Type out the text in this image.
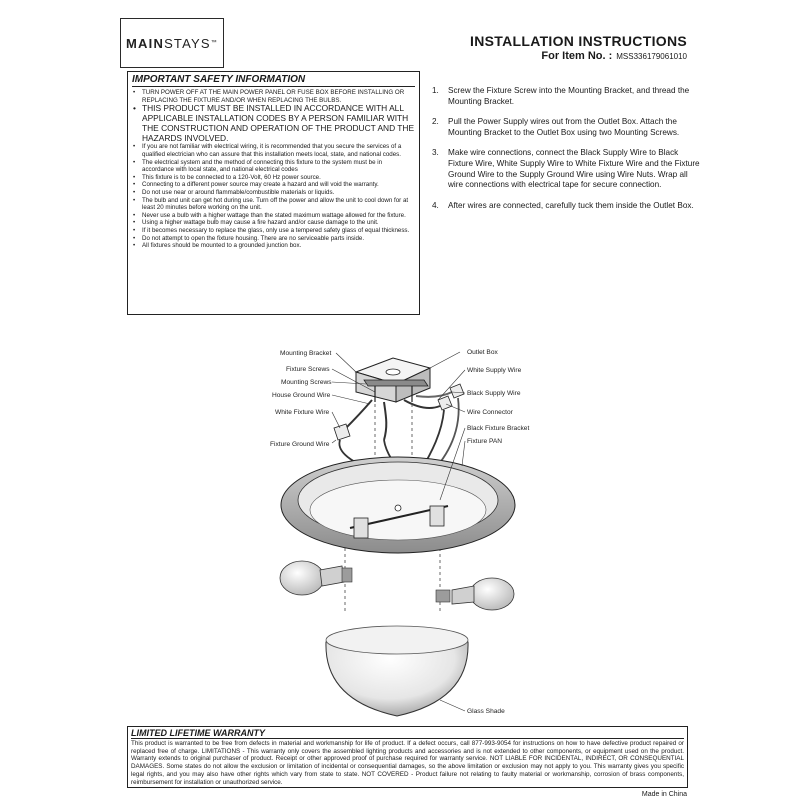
MAIN STAYS ™	INSTALLATION INSTRUCTIONS
For Item No. : MSS336179061010
IMPORTANT SAFETY INFORMATION
• TURN POWER OFF AT THE MAIN POWER PANEL OR FUSE BOX BEFORE INSTALLING OR REPLACING THE FIXTURE AND/OR WHEN REPLACING THE BULBS.
• THIS PRODUCT MUST BE INSTALLED IN ACCORDANCE WITH ALL APPLICABLE INSTALLATION CODES BY A PERSON FAMILIAR WITH THE CONSTRUCTION AND OPERATION OF THE PRODUCT AND THE HAZARDS INVOLVED.
• If you are not familiar with electrical wiring, it is recommended that you secure the services of a qualified electrician who can assure that this installation meets local, state, and national codes.
• The electrical system and the method of connecting this fixture to the system must be in accordance with local state, and national electrical codes
• This fixture is to be connected to a 120-Volt, 60 Hz power source.
• Connecting to a different power source may create a hazard and will void the warranty.
• Do not use near or around flammable/combustible materials or liquids.
• The bulb and unit can get hot during use. Turn off the power and allow the unit to cool down for at least 20 minutes before working on the unit.
• Never use a bulb with a higher wattage than the stated maximum wattage allowed for the fixture.
• Using a higher wattage bulb may cause a fire hazard and/or cause damage to the unit.
• If it becomes necessary to replace the glass, only use a tempered safety glass of equal thickness.
• Do not attempt to open the fixture housing. There are no serviceable parts inside.
• All fixtures should be mounted to a grounded junction box.
1.	Screw the Fixture Screw into the Mounting Bracket, and thread the Mounting Bracket.
2.	Pull the Power Supply wires out from the Outlet Box. Attach the Mounting Bracket to the Outlet Box using two Mounting Screws.
3.	Make wire connections, connect the Black Supply Wire to Black Fixture Wire, White Supply Wire to White Fixture Wire and the Fixture Ground Wire to the Supply Ground Wire using Wire Nuts. Wrap all wire connections with electrical tape for secure connection.
4.	After wires are connected, carefully tuck them inside the Outlet Box.
Mounting Bracket
Fixture Screws
Mounting Screws
House Ground Wire
White Fixture Wire
Fixture Ground Wire
Outlet Box
White Supply Wire
Black Supply Wire
Wire Connector
Black Fixture Bracket
Fixture PAN
Glass Shade
LIMITED LIFETIME WARRANTY

This product is warranted to be free from defects in material and workmanship for life of product. If a defect occurs, call 877-993-9054 for instructions on how to have defective product repaired or replaced free of charge. LIMITATIONS - This warranty only covers the assembled lighting products and accessories and is not extended to other components, or equipment used on the product. Warranty extends to original purchaser of product. Receipt or other approved proof of purchase required for warranty service. NOT LIABLE FOR INCIDENTAL, INDIRECT, OR CONSEQUENTIAL DAMAGES. Some states do not allow the exclusion or limitation of incidental or consequential damages, so the above limitation or exclusion may not apply to you. This warranty gives you specific legal rights, and you may also have other rights which vary from state to state. NOT COVERED - Product failure not relating to faulty material or workmanship, corrosion of brass components, reimbursement for installation or unauthorized service.

Made in China
